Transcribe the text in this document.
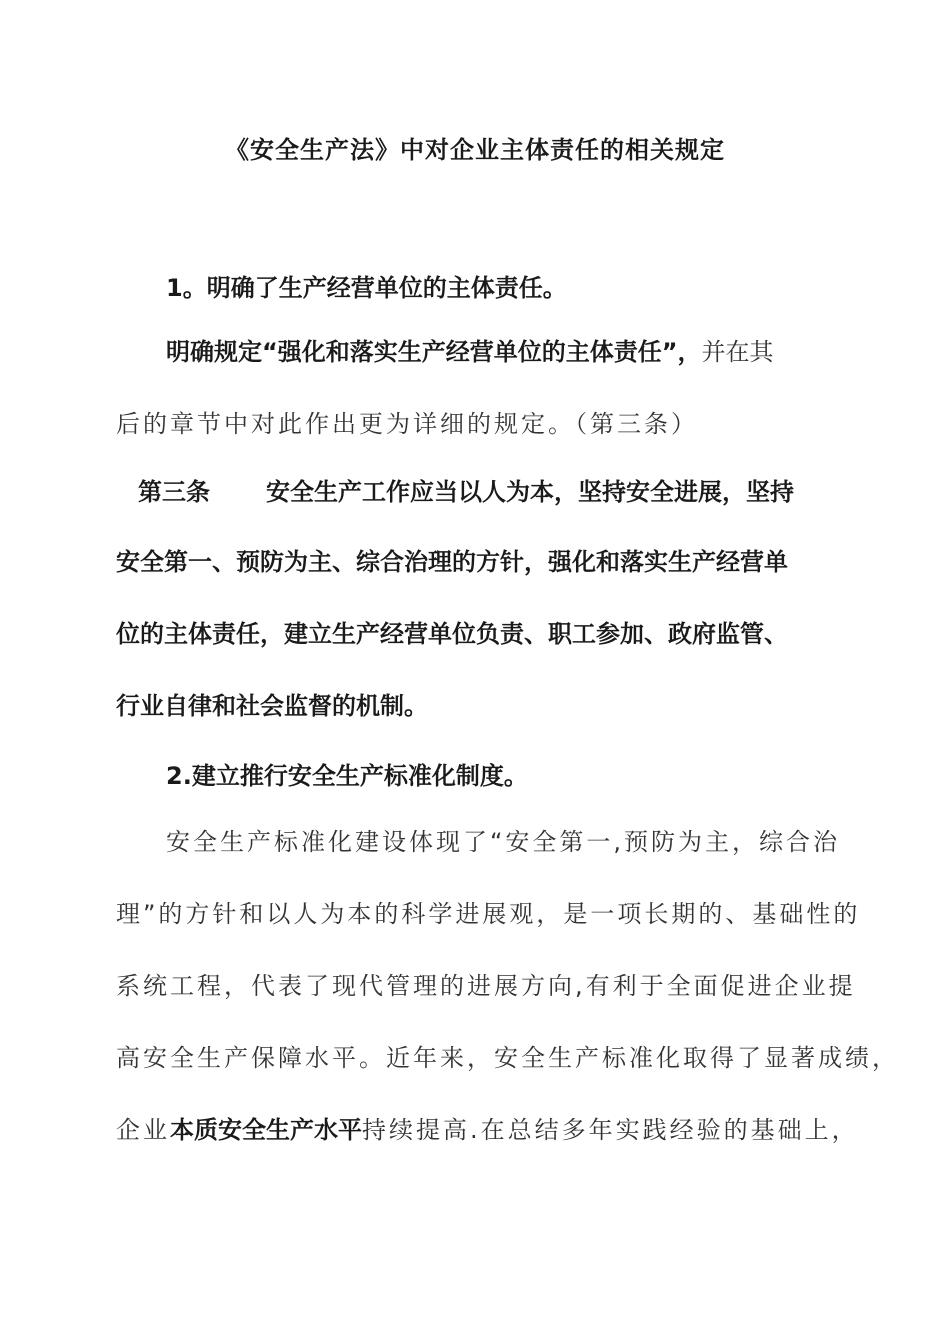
《安全生产法》中对企业主体责任的相关规定
1。明确了生产经营单位的主体责任。
明确规定“强化和落实生产经营单位的主体责任”，并在其
后的章节中对此作出更为详细的规定。（第三条）
第三条 安全生产工作应当以人为本，坚持安全进展，坚持
安全第一、预防为主、综合治理的方针，强化和落实生产经营单
位的主体责任，建立生产经营单位负责、职工参加、政府监管、
行业自律和社会监督的机制。
2.建立推行安全生产标准化制度。
安全生产标准化建设体现了“安全第一,预防为主，综合治
理”的方针和以人为本的科学进展观，是一项长期的、基础性的
系统工程，代表了现代管理的进展方向,有利于全面促进企业提
高安全生产保障水平。近年来，安全生产标准化取得了显著成绩，
企业本质安全生产水平持续提高.在总结多年实践经验的基础上，
